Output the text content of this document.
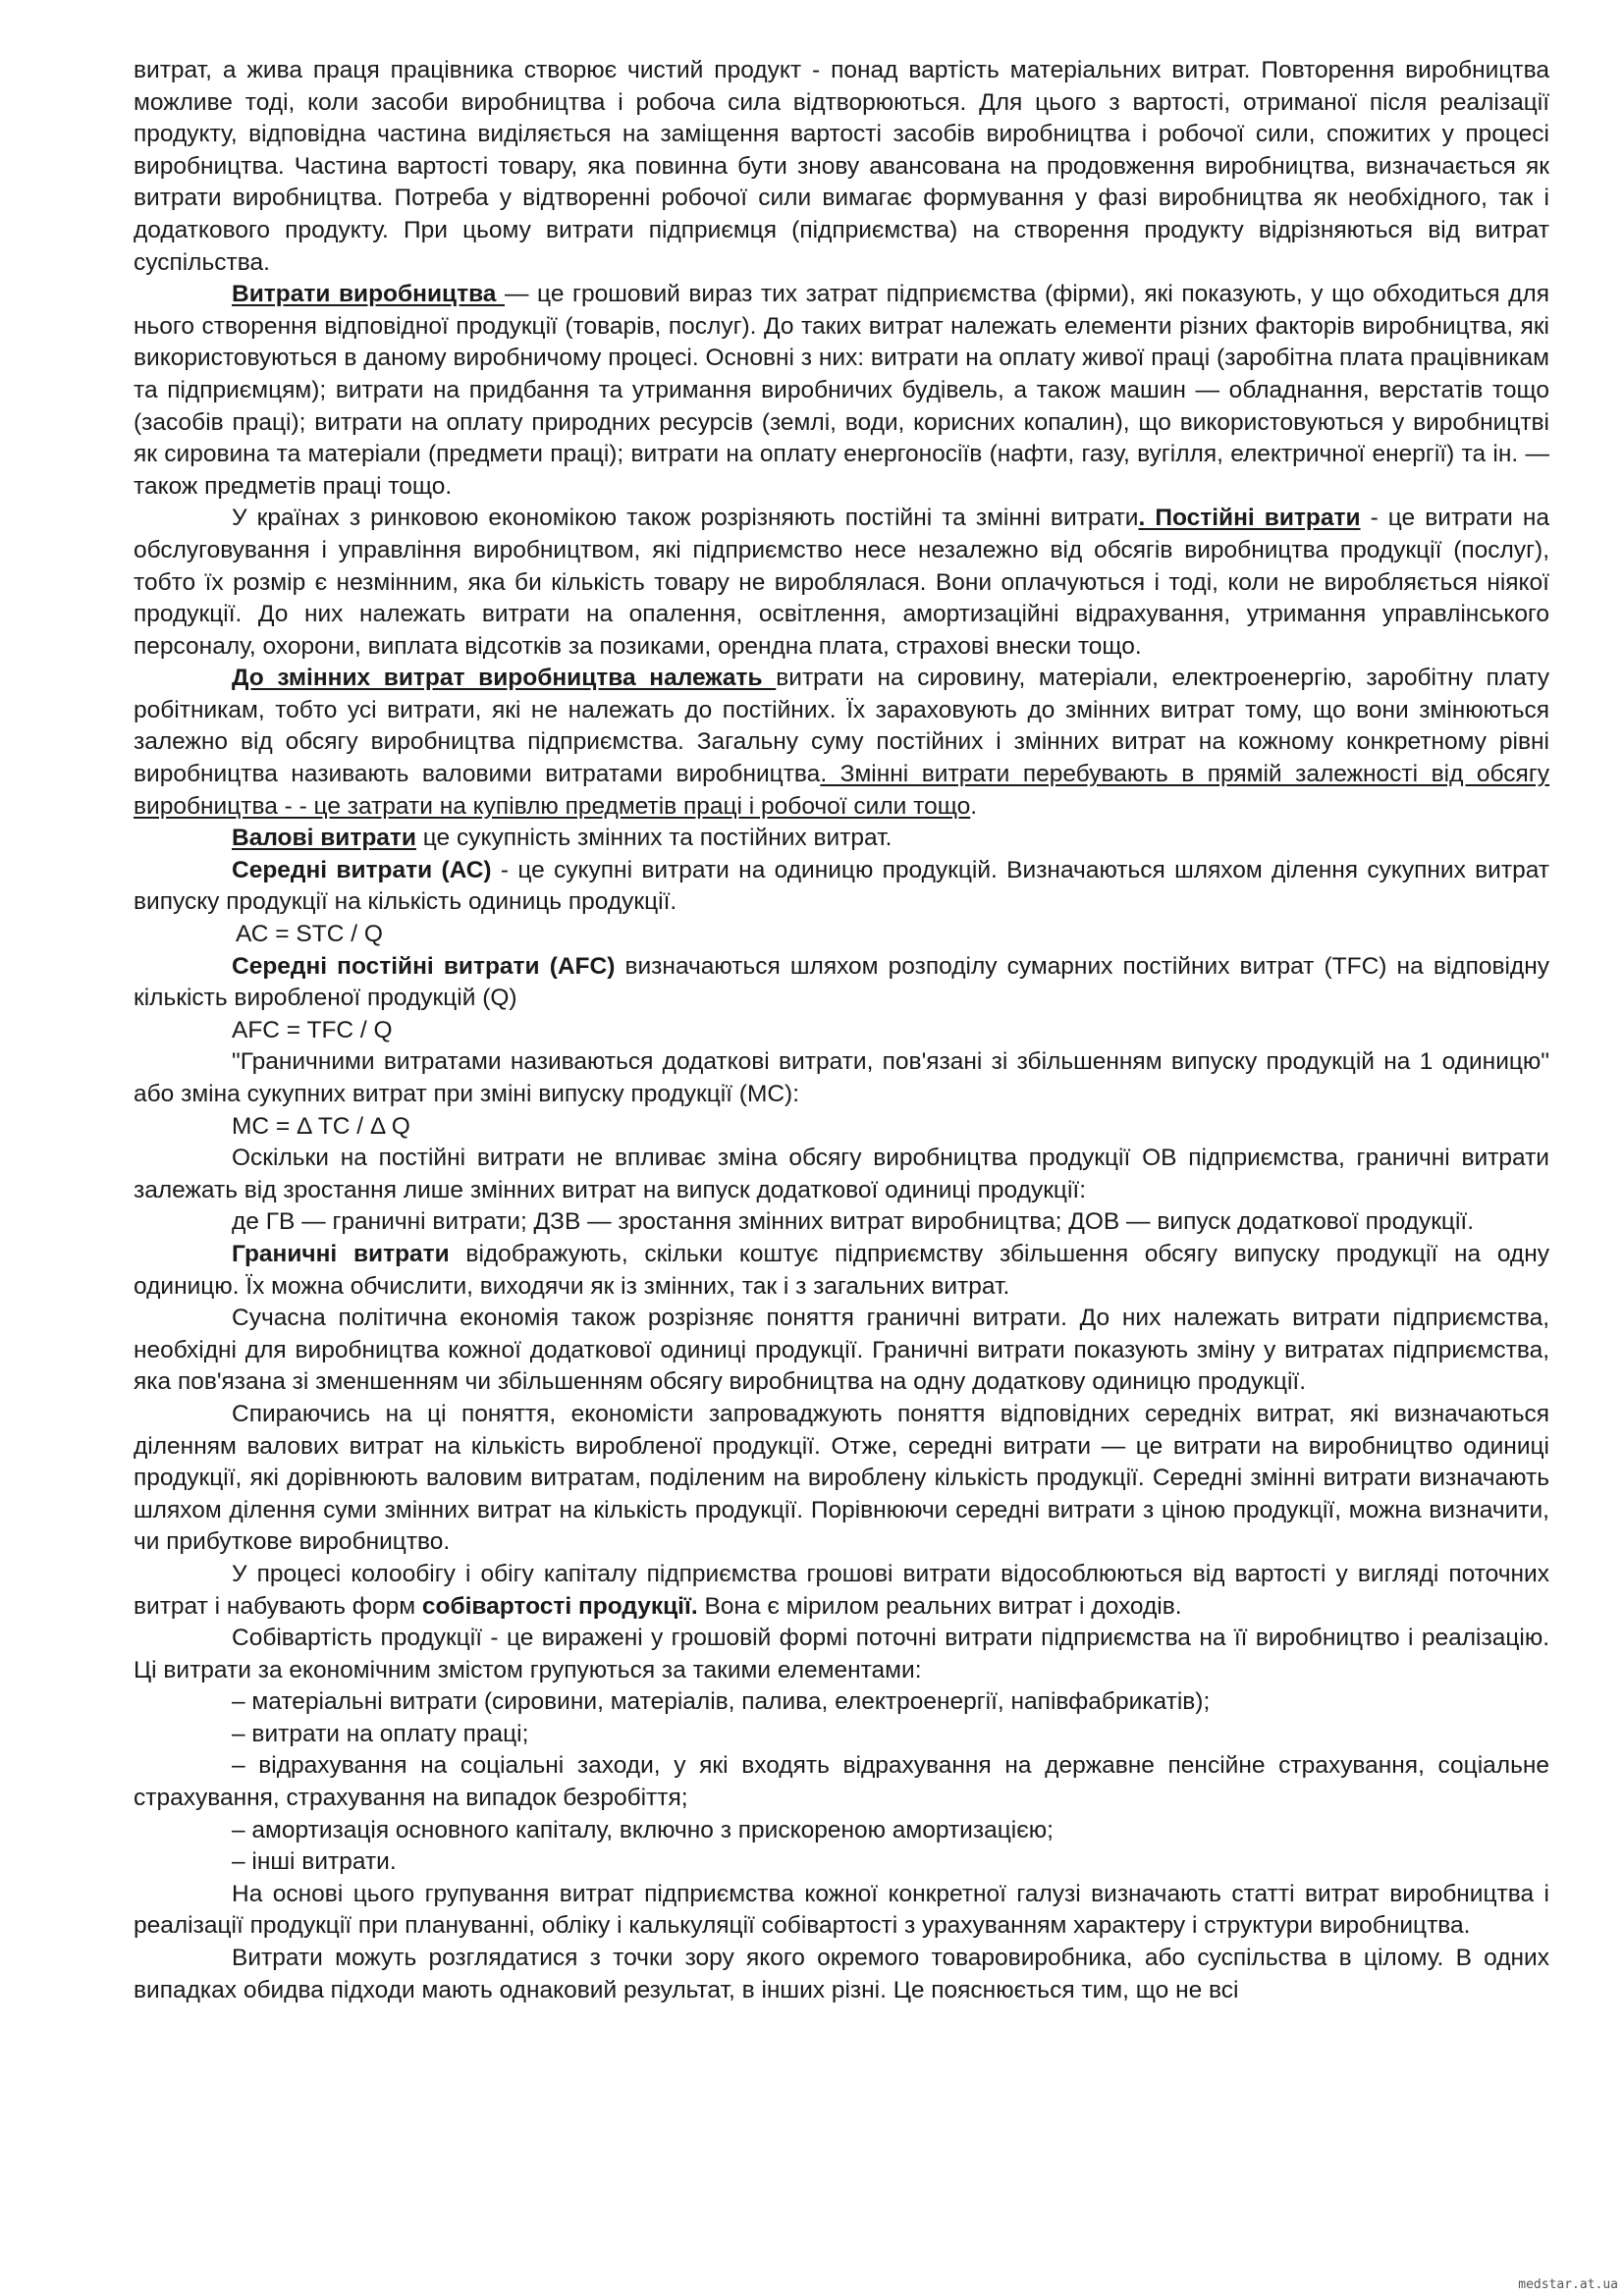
витрат, а жива праця працівника створює чистий продукт - понад вартість матеріальних витрат. Повторення виробництва можливе тоді, коли засоби виробництва і робоча сила відтворюються. Для цього з вартості, отриманої після реалізації продукту, відповідна частина виділяється на заміщення вартості засобів виробництва і робочої сили, спожитих у процесі виробництва. Частина вартості товару, яка повинна бути знову авансована на продовження виробництва, визначається як витрати виробництва. Потреба у відтворенні робочої сили вимагає формування у фазі виробництва як необхідного, так і додаткового продукту. При цьому витрати підприємця (підприємства) на створення продукту відрізняються від витрат суспільства.

Витрати виробництва — це грошовий вираз тих затрат підприємства (фірми), які показують, у що обходиться для нього створення відповідної продукції (товарів, послуг). До таких витрат належать елементи різних факторів виробництва, які використовуються в даному виробничому процесі. Основні з них: витрати на оплату живої праці (заробітна плата працівникам та підприємцям); витрати на придбання та утримання виробничих будівель, а також машин — обладнання, верстатів тощо (засобів праці); витрати на оплату природних ресурсів (землі, води, корисних копалин), що використовуються у виробництві як сировина та матеріали (предмети праці); витрати на оплату енергоносіїв (нафти, газу, вугілля, електричної енергії) та ін. — також предметів праці тощо.

У країнах з ринковою економікою також розрізняють постійні та змінні витрати. Постійні витрати - це витрати на обслуговування і управління виробництвом, які підприємство несе незалежно від обсягів виробництва продукції (послуг), тобто їх розмір є незмінним, яка би кількість товару не вироблялася. Вони оплачуються і тоді, коли не виробляється ніякої продукції. До них належать витрати на опалення, освітлення, амортизаційні відрахування, утримання управлінського персоналу, охорони, виплата відсотків за позиками, орендна плата, страхові внески тощо.

До змінних витрат виробництва належать витрати на сировину, матеріали, електроенергію, заробітну плату робітникам, тобто усі витрати, які не належать до постійних. Їх зараховують до змінних витрат тому, що вони змінюються залежно від обсягу виробництва підприємства. Загальну суму постійних і змінних витрат на кожному конкретному рівні виробництва називають валовими витратами виробництва. Змінні витрати перебувають в прямій залежності від обсягу виробництва - - це затрати на купівлю предметів праці і робочої сили тощо.

Валові витрати це сукупність змінних та постійних витрат.

Середні витрати (АС) - це сукупні витрати на одиницю продукцій. Визначаються шляхом ділення сукупних витрат випуску продукції на кількість одиниць продукції.

АС = STC / Q

Середні постійні витрати (AFC) визначаються шляхом розподілу сумарних постійних витрат (TFC) на відповідну кількість виробленої продукцій (Q)

AFC = TFC / Q

"Граничними витратами називаються додаткові витрати, пов'язані зі збільшенням випуску продукцій на 1 одиницю" або зміна сукупних витрат при зміні випуску продукції (МС):

МС = Δ ТС / Δ Q

Оскільки на постійні витрати не впливає зміна обсягу виробництва продукції ОВ підприємства, граничні витрати залежать від зростання лише змінних витрат на випуск додаткової одиниці продукції:

де ГВ — граничні витрати; ДЗВ — зростання змінних витрат виробництва; ДОВ — випуск додаткової продукції.

Граничні витрати відображують, скільки коштує підприємству збільшення обсягу випуску продукції на одну одиницю. Їх можна обчислити, виходячи як із змінних, так і з загальних витрат.

Сучасна політична економія також розрізняє поняття граничні витрати. До них належать витрати підприємства, необхідні для виробництва кожної додаткової одиниці продукції. Граничні витрати показують зміну у витратах підприємства, яка пов'язана зі зменшенням чи збільшенням обсягу виробництва на одну додаткову одиницю продукції.

Спираючись на ці поняття, економісти запроваджують поняття відповідних середніх витрат, які визначаються діленням валових витрат на кількість виробленої продукції. Отже, середні витрати — це витрати на виробництво одиниці продукції, які дорівнюють валовим витратам, поділеним на вироблену кількість продукції. Середні змінні витрати визначають шляхом ділення суми змінних витрат на кількість продукції. Порівнюючи середні витрати з ціною продукції, можна визначити, чи прибуткове виробництво.

У процесі колообігу і обігу капіталу підприємства грошові витрати відособлюються від вартості у вигляді поточних витрат і набувають форм собівартості продукції. Вона є мірилом реальних витрат і доходів.

Собівартість продукції - це виражені у грошовій формі поточні витрати підприємства на її виробництво і реалізацію. Ці витрати за економічним змістом групуються за такими елементами:

– матеріальні витрати (сировини, матеріалів, палива, електроенергії, напівфабрикатів);

– витрати на оплату праці;

– відрахування на соціальні заходи, у які входять відрахування на державне пенсійне страхування, соціальне страхування, страхування на випадок безробіття;

– амортизація основного капіталу, включно з прискореною амортизацією;

– інші витрати.

На основі цього групування витрат підприємства кожної конкретної галузі визначають статті витрат виробництва і реалізації продукції при плануванні, обліку і калькуляції собівартості з урахуванням характеру і структури виробництва.

Витрати можуть розглядатися з точки зору якого окремого товаровиробника, або суспільства в цілому. В одних випадках обидва підходи мають однаковий результат, в інших різні. Це пояснюється тим, що не всі

medstar.at.ua
